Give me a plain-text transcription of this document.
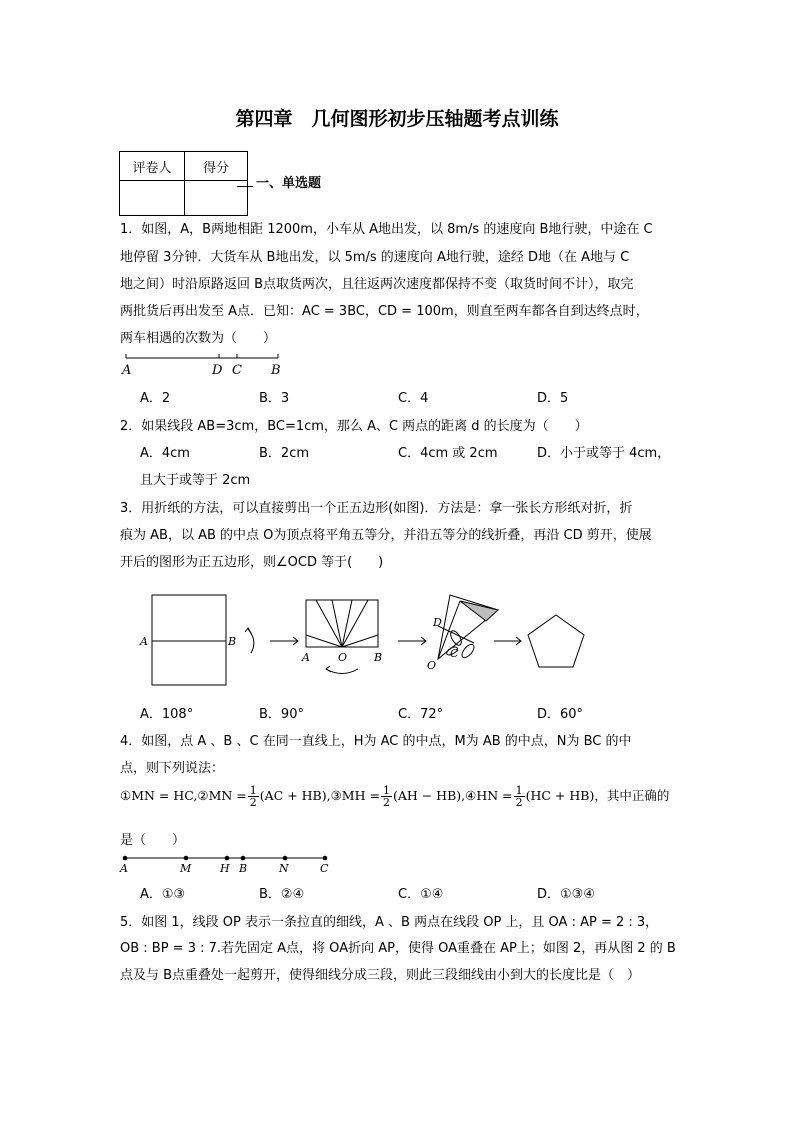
第四章　几何图形初步压轴题考点训练
评卷人	得分

一、单选题
1．如图，A，B两地相距 1200m，小车从 A地出发，以 8m/s 的速度向 B地行驶，中途在 C
地停留 3分钟．大货车从 B地出发，以 5m/s 的速度向 A地行驶，途经 D地（在 A地与 C
地之间）时沿原路返回 B点取货两次，且往返两次速度都保持不变（取货时间不计），取完
两批货后再出发至 A点．已知：AC = 3BC，CD = 100m，则直至两车都各自到达终点时，
两车相遇的次数为（　　）
A	D C B
A．2	B．3	C．4	D．5
2．如果线段 AB=3cm，BC=1cm，那么 A、C 两点的距离 d 的长度为（　　）
A．4cm	B．2cm	C．4cm 或 2cm	D．小于或等于 4cm，
且大于或等于 2cm
3．用折纸的方法，可以直接剪出一个正五边形(如图)．方法是：拿一张长方形纸对折，折
痕为 AB，以 AB 的中点 O为顶点将平角五等分，并沿五等分的线折叠，再沿 CD 剪开，使展
开后的图形为正五边形，则∠OCD 等于(　　)
A	B
A	O B
D
C
O
A．108°	B．90°	C．72°	D．60°
4．如图，点 A 、B 、C 在同一直线上，H为 AC 的中点，M为 AB 的中点，N为 BC 的中
点，则下列说法：
①MN = HC,②MN = $\frac{1}{2} (AC$ + HB),③MH = $\frac{1}{2} (AH$ − HB),④HN = $\frac{1}{2} (HC + HB)$，其中正确的
是（　　）
A	M	H B	N	C
A．①③	B．②④	C．①④	D．①③④
5．如图 1，线段 OP 表示一条拉直的细线，A 、B 两点在线段 OP 上，且 OA : AP = 2 : 3，
OB : BP = 3 : 7.若先固定 A点，将 OA折向 AP，使得 OA重叠在 AP上；如图 2，再从图 2 的 B
点及与 B点重叠处一起剪开，使得细线分成三段，则此三段细线由小到大的长度比是（　）
